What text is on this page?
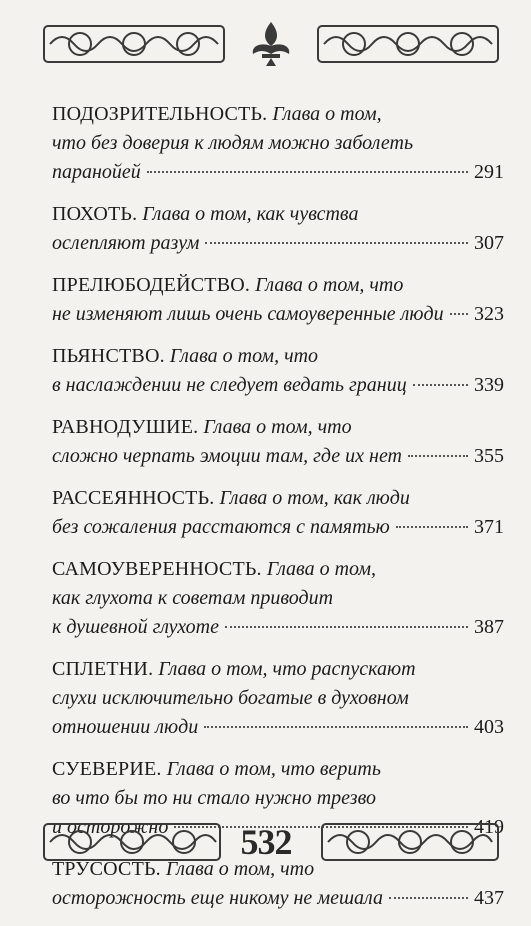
ПОДОЗРИТЕЛЬНОСТЬ. Глава о том,
что без доверия к людям можно заболеть
паранойей	291
ПОХОТЬ. Глава о том, как чувства
ослепляют разум	307
ПРЕЛЮБОДЕЙСТВО. Глава о том, что
не изменяют лишь очень самоуверенные люди 323
ПЬЯНСТВО. Глава о том, что
в наслаждении не следует ведать границ	339
РАВНОДУШИЕ. Глава о том, что
сложно черпать эмоции там, где их нет	355
РАССЕЯННОСТЬ. Глава о том, как люди
без сожаления расстаются с памятью	371
САМОУВЕРЕННОСТЬ. Глава о том,
как глухота к советам приводит
к душевной глухоте	387
СПЛЕТНИ. Глава о том, что распускают
слухи исключительно богатые в духовном
отношении люди	403
СУЕВЕРИЕ. Глава о том, что верить
во что бы то ни стало нужно трезво
и осторожно	419
ТРУСОСТЬ. Глава о том, что
осторожность еще никому не мешала	437
532
